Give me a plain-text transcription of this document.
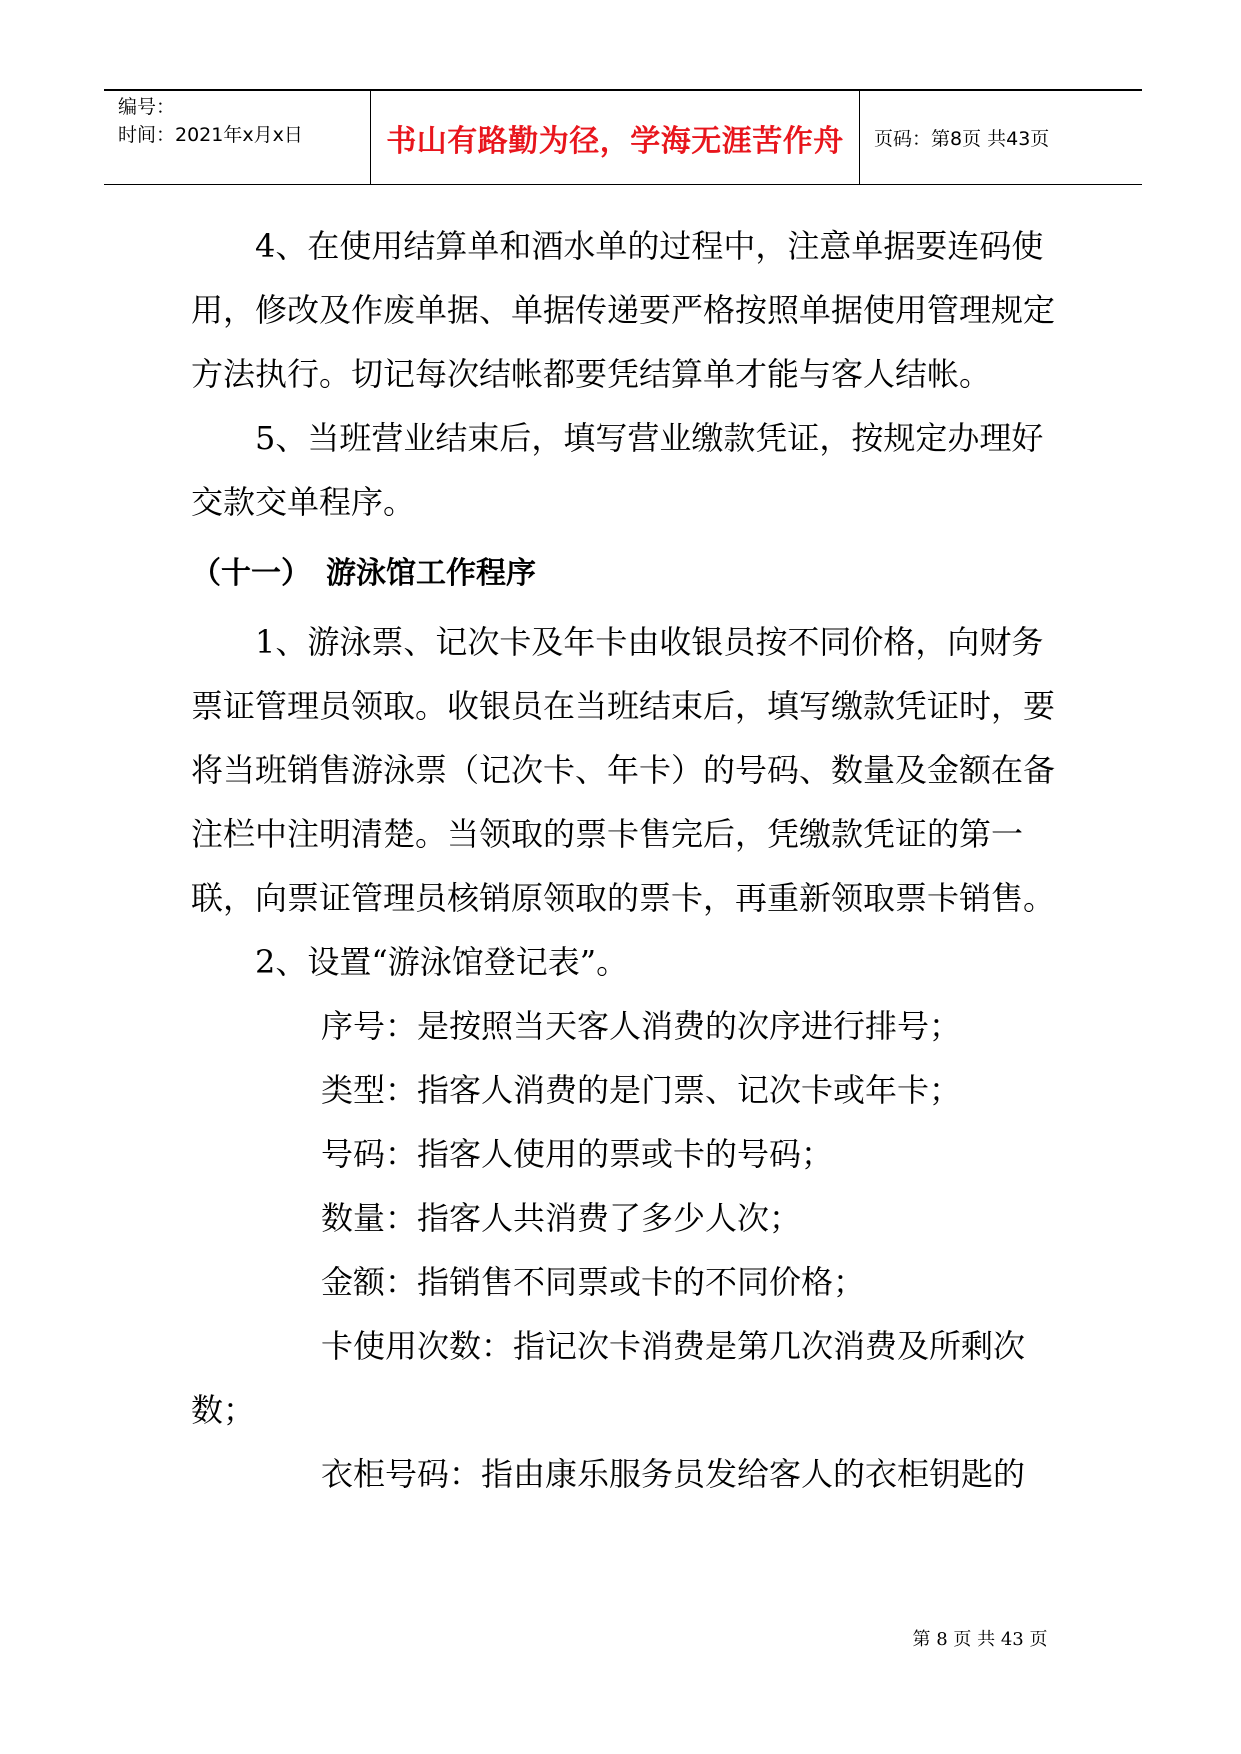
编号：
时间：2021年x月x日	书山有路勤为径，学海无涯苦作舟 页码：第8页 共43页

4、在使用结算单和酒水单的过程中，注意单据要连码使用，修改及作废单据、单据传递要严格按照单据使用管理规定方法执行。切记每次结帐都要凭结算单才能与客人结帐。

5、当班营业结束后，填写营业缴款凭证，按规定办理好交款交单程序。

（十一）　游泳馆工作程序

1、游泳票、记次卡及年卡由收银员按不同价格，向财务票证管理员领取。收银员在当班结束后，填写缴款凭证时，要将当班销售游泳票（记次卡、年卡）的号码、数量及金额在备注栏中注明清楚。当领取的票卡售完后，凭缴款凭证的第一联，向票证管理员核销原领取的票卡，再重新领取票卡销售。

2、设置“游泳馆登记表”。

序号：是按照当天客人消费的次序进行排号；

类型：指客人消费的是门票、记次卡或年卡；

号码：指客人使用的票或卡的号码；

数量：指客人共消费了多少人次；

金额：指销售不同票或卡的不同价格；

卡使用次数：指记次卡消费是第几次消费及所剩次数；

衣柜号码：指由康乐服务员发给客人的衣柜钥匙的

第 8 页 共 43 页
